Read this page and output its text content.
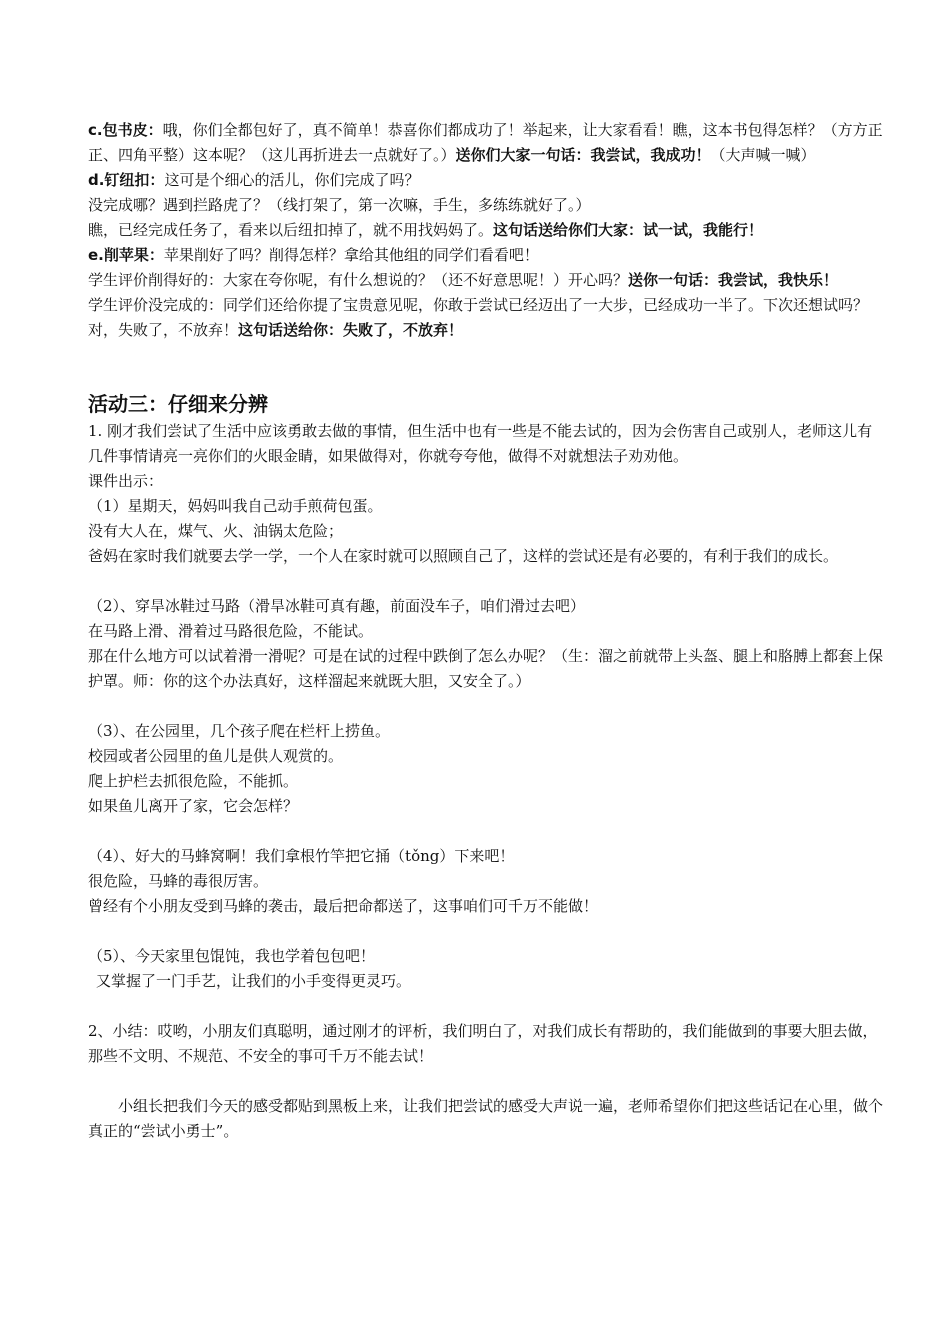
c.包书皮：哦，你们全都包好了，真不简单！恭喜你们都成功了！举起来，让大家看看！瞧，这本书包得怎样？（方方正正、四角平整）这本呢？（这儿再折进去一点就好了。）送你们大家一句话：我尝试，我成功！（大声喊一喊）

d.钉纽扣：这可是个细心的活儿，你们完成了吗？

没完成哪？遇到拦路虎了？（线打架了，第一次嘛，手生，多练练就好了。）

瞧，已经完成任务了，看来以后纽扣掉了，就不用找妈妈了。这句话送给你们大家：试一试，我能行！

e.削苹果：苹果削好了吗？削得怎样？拿给其他组的同学们看看吧！

学生评价削得好的：大家在夸你呢，有什么想说的？（还不好意思呢！）开心吗？送你一句话：我尝试，我快乐！

学生评价没完成的：同学们还给你提了宝贵意见呢，你敢于尝试已经迈出了一大步，已经成功一半了。下次还想试吗？对，失败了，不放弃！这句话送给你：失败了，不放弃！

活动三：仔细来分辨

1. 刚才我们尝试了生活中应该勇敢去做的事情，但生活中也有一些是不能去试的，因为会伤害自己或别人，老师这儿有几件事情请亮一亮你们的火眼金睛，如果做得对，你就夸夸他，做得不对就想法子劝劝他。

课件出示：

（1）星期天，妈妈叫我自己动手煎荷包蛋。

没有大人在，煤气、火、油锅太危险；

爸妈在家时我们就要去学一学，一个人在家时就可以照顾自己了，这样的尝试还是有必要的，有利于我们的成长。

（2）、穿旱冰鞋过马路（滑旱冰鞋可真有趣，前面没车子，咱们滑过去吧）

在马路上滑、滑着过马路很危险，不能试。

那在什么地方可以试着滑一滑呢？可是在试的过程中跌倒了怎么办呢？（生：溜之前就带上头盔、腿上和胳膊上都套上保护罩。师：你的这个办法真好，这样溜起来就既大胆，又安全了。）

（3）、在公园里，几个孩子爬在栏杆上捞鱼。

校园或者公园里的鱼儿是供人观赏的。

爬上护栏去抓很危险，不能抓。

如果鱼儿离开了家，它会怎样？

（4）、好大的马蜂窝啊！我们拿根竹竿把它捅（tǒng）下来吧！

很危险，马蜂的毒很厉害。

曾经有个小朋友受到马蜂的袭击，最后把命都送了，这事咱们可千万不能做！

（5）、今天家里包馄饨，我也学着包包吧！

又掌握了一门手艺，让我们的小手变得更灵巧。

2、小结：哎哟，小朋友们真聪明，通过刚才的评析，我们明白了，对我们成长有帮助的，我们能做到的事要大胆去做，那些不文明、不规范、不安全的事可千万不能去试！

小组长把我们今天的感受都贴到黑板上来，让我们把尝试的感受大声说一遍，老师希望你们把这些话记在心里，做个真正的“尝试小勇士”。
